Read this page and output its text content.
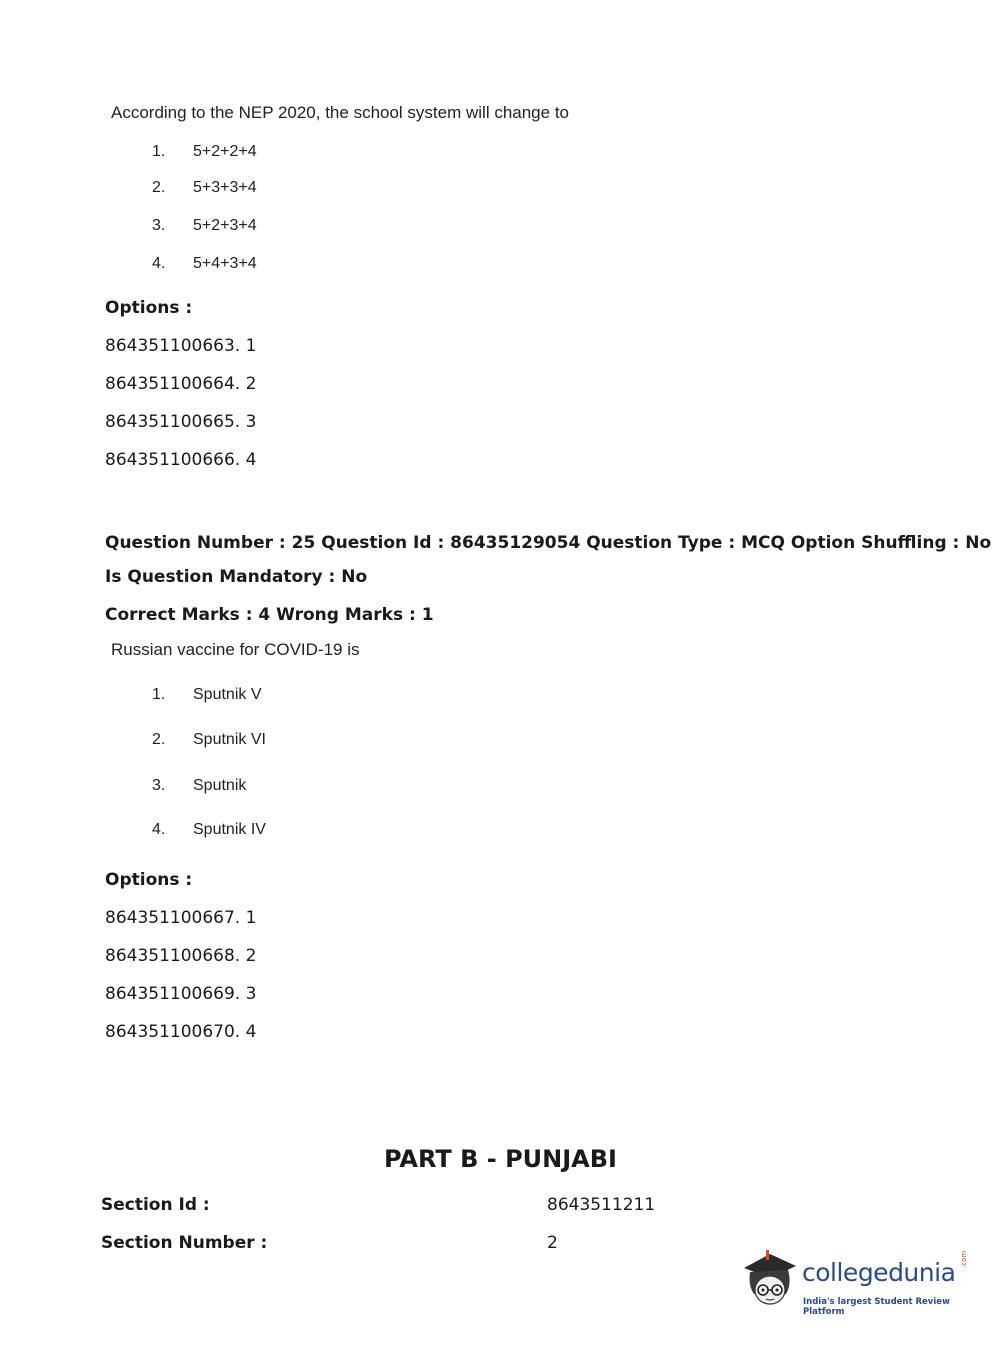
According to the NEP 2020, the school system will change to
1. 5+2+2+4
2. 5+3+3+4
3. 5+2+3+4
4. 5+4+3+4
Options :
864351100663. 1
864351100664. 2
864351100665. 3
864351100666. 4
Question Number : 25 Question Id : 86435129054 Question Type : MCQ Option Shuffling : No
Is Question Mandatory : No
Correct Marks : 4 Wrong Marks : 1
Russian vaccine for COVID-19 is
1. Sputnik V
2. Sputnik VI
3. Sputnik
4. Sputnik IV
Options :
864351100667. 1
864351100668. 2
864351100669. 3
864351100670. 4
PART B - PUNJABI
Section Id :	8643511211
Section Number :	2
collegedunia .com
India's largest Student Review Platform
